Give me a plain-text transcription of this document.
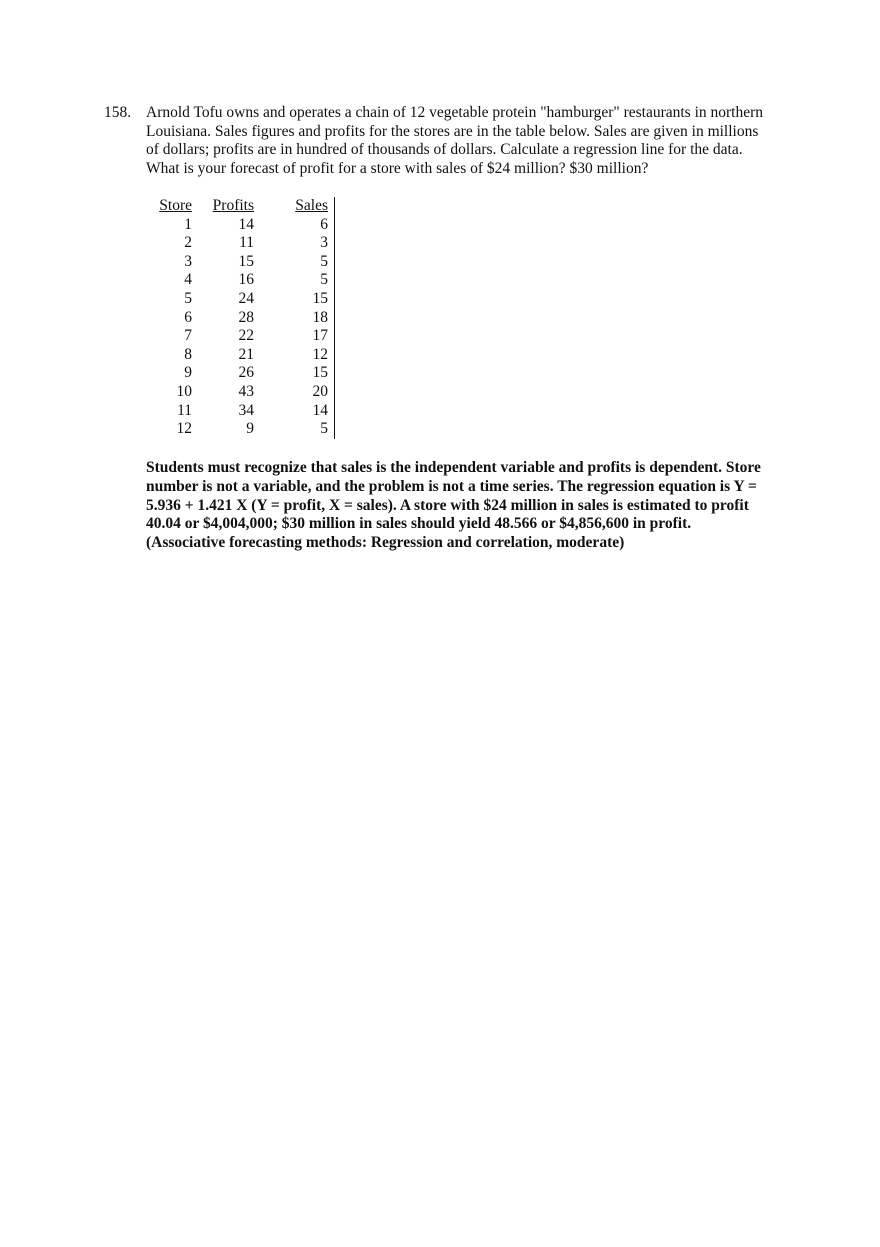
158. Arnold Tofu owns and operates a chain of 12 vegetable protein "hamburger" restaurants in northern
Louisiana. Sales figures and profits for the stores are in the table below. Sales are given in millions
of dollars; profits are in hundred of thousands of dollars. Calculate a regression line for the data.
What is your forecast of profit for a store with sales of $24 million? $30 million?
Store	Profits	Sales
1	14	6
2	11	3
3	15	5
4	16	5
5	24	15
6	28	18
7	22	17
8	21	12
9	26	15
10	43	20
11	34	14
12	9	5
Students must recognize that sales is the independent variable and profits is dependent. Store
number is not a variable, and the problem is not a time series. The regression equation is Y =
5.936 + 1.421 X (Y = profit, X = sales). A store with $24 million in sales is estimated to profit
40.04 or $4,004,000; $30 million in sales should yield 48.566 or $4,856,600 in profit.
(Associative forecasting methods: Regression and correlation, moderate)
